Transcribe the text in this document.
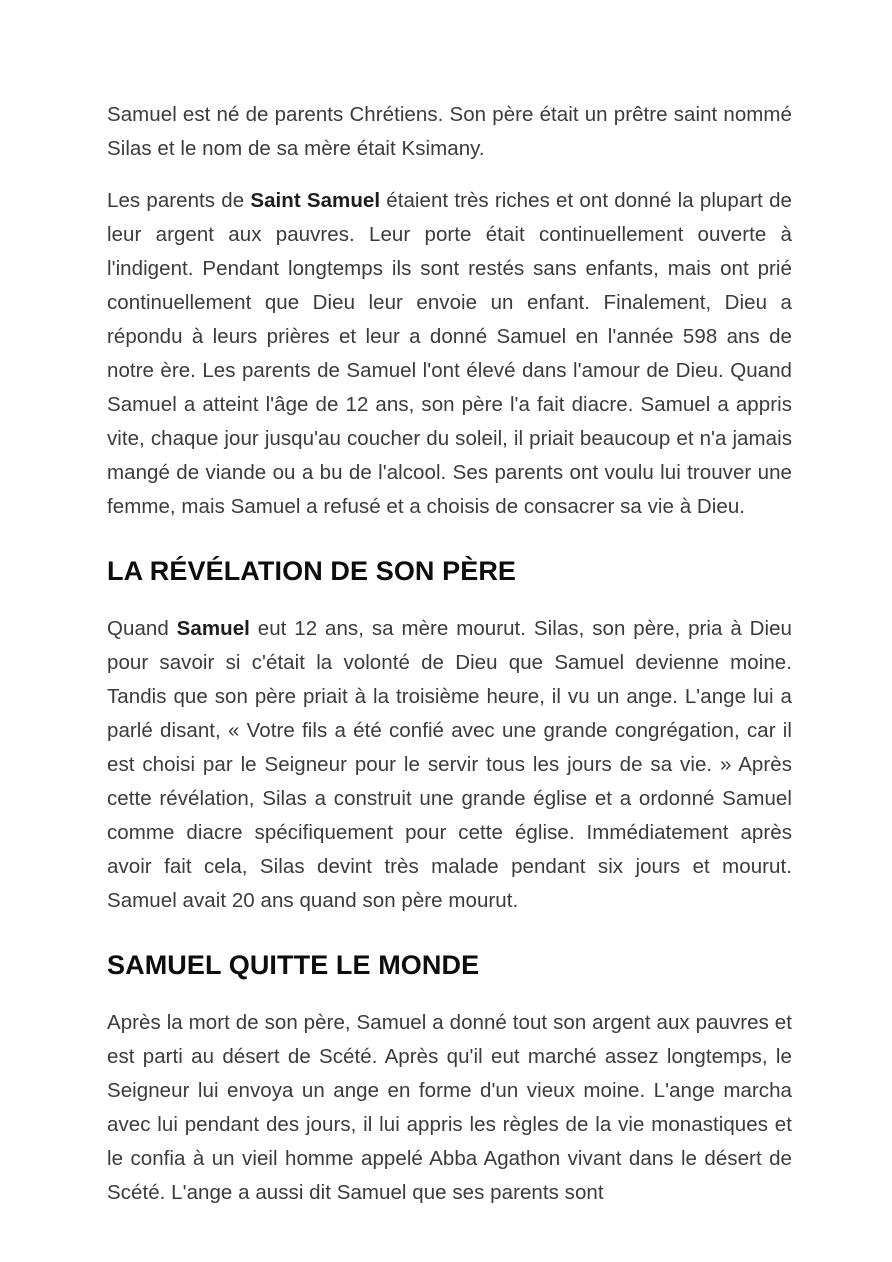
Samuel est né de parents Chrétiens. Son père était un prêtre saint nommé Silas et le nom de sa mère était Ksimany.

Les parents de Saint Samuel étaient très riches et ont donné la plupart de leur argent aux pauvres. Leur porte était continuellement ouverte à l'indigent. Pendant longtemps ils sont restés sans enfants, mais ont prié continuellement que Dieu leur envoie un enfant. Finalement, Dieu a répondu à leurs prières et leur a donné Samuel en l'année 598 ans de notre ère. Les parents de Samuel l'ont élevé dans l'amour de Dieu. Quand Samuel a atteint l'âge de 12 ans, son père l'a fait diacre. Samuel a appris vite, chaque jour jusqu'au coucher du soleil, il priait beaucoup et n'a jamais mangé de viande ou a bu de l'alcool. Ses parents ont voulu lui trouver une femme, mais Samuel a refusé et a choisis de consacrer sa vie à Dieu.

LA RÉVÉLATION DE SON PÈRE

Quand Samuel eut 12 ans, sa mère mourut. Silas, son père, pria à Dieu pour savoir si c'était la volonté de Dieu que Samuel devienne moine. Tandis que son père priait à la troisième heure, il vu un ange. L'ange lui a parlé disant, « Votre fils a été confié avec une grande congrégation, car il est choisi par le Seigneur pour le servir tous les jours de sa vie. » Après cette révélation, Silas a construit une grande église et a ordonné Samuel comme diacre spécifiquement pour cette église. Immédiatement après avoir fait cela, Silas devint très malade pendant six jours et mourut. Samuel avait 20 ans quand son père mourut.

SAMUEL QUITTE LE MONDE

Après la mort de son père, Samuel a donné tout son argent aux pauvres et est parti au désert de Scété. Après qu'il eut marché assez longtemps, le Seigneur lui envoya un ange en forme d'un vieux moine. L'ange marcha avec lui pendant des jours, il lui appris les règles de la vie monastiques et le confia à un vieil homme appelé Abba Agathon vivant dans le désert de Scété. L'ange a aussi dit Samuel que ses parents sont
